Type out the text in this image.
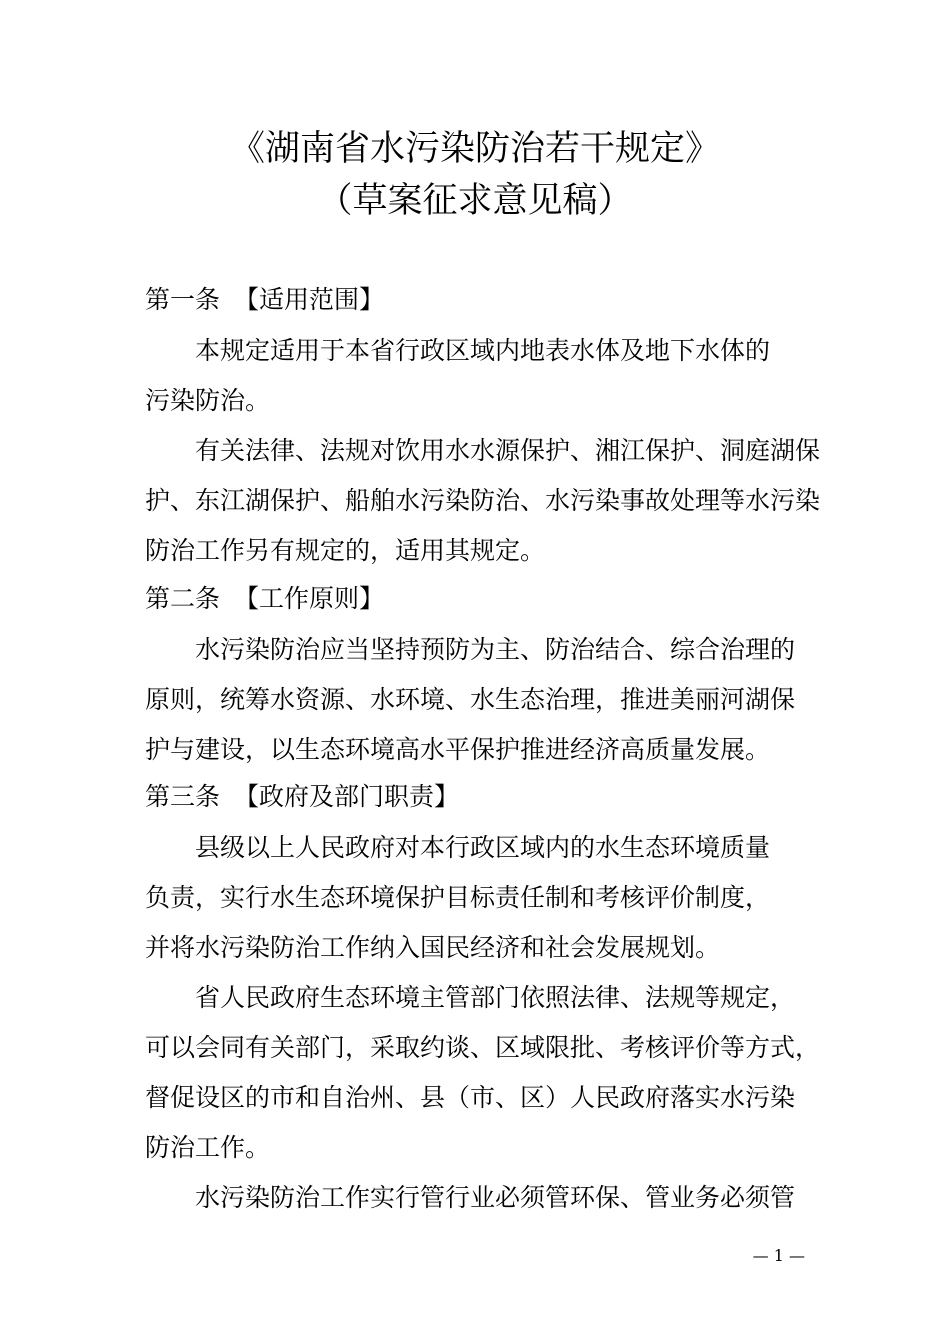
《湖南省水污染防治若干规定》
（草案征求意见稿）
第一条 【适用范围】
本规定适用于本省行政区域内地表水体及地下水体的
污染防治。
有关法律、法规对饮用水水源保护、湘江保护、洞庭湖保
护、东江湖保护、船舶水污染防治、水污染事故处理等水污染
防治工作另有规定的，适用其规定。
第二条 【工作原则】
水污染防治应当坚持预防为主、防治结合、综合治理的
原则，统筹水资源、水环境、水生态治理，推进美丽河湖保
护与建设，以生态环境高水平保护推进经济高质量发展。
第三条 【政府及部门职责】
县级以上人民政府对本行政区域内的水生态环境质量
负责，实行水生态环境保护目标责任制和考核评价制度，
并将水污染防治工作纳入国民经济和社会发展规划。
省人民政府生态环境主管部门依照法律、法规等规定，
可以会同有关部门，采取约谈、区域限批、考核评价等方式，
督促设区的市和自治州、县（市、区）人民政府落实水污染
防治工作。
水污染防治工作实行管行业必须管环保、管业务必须管
— 1 —
